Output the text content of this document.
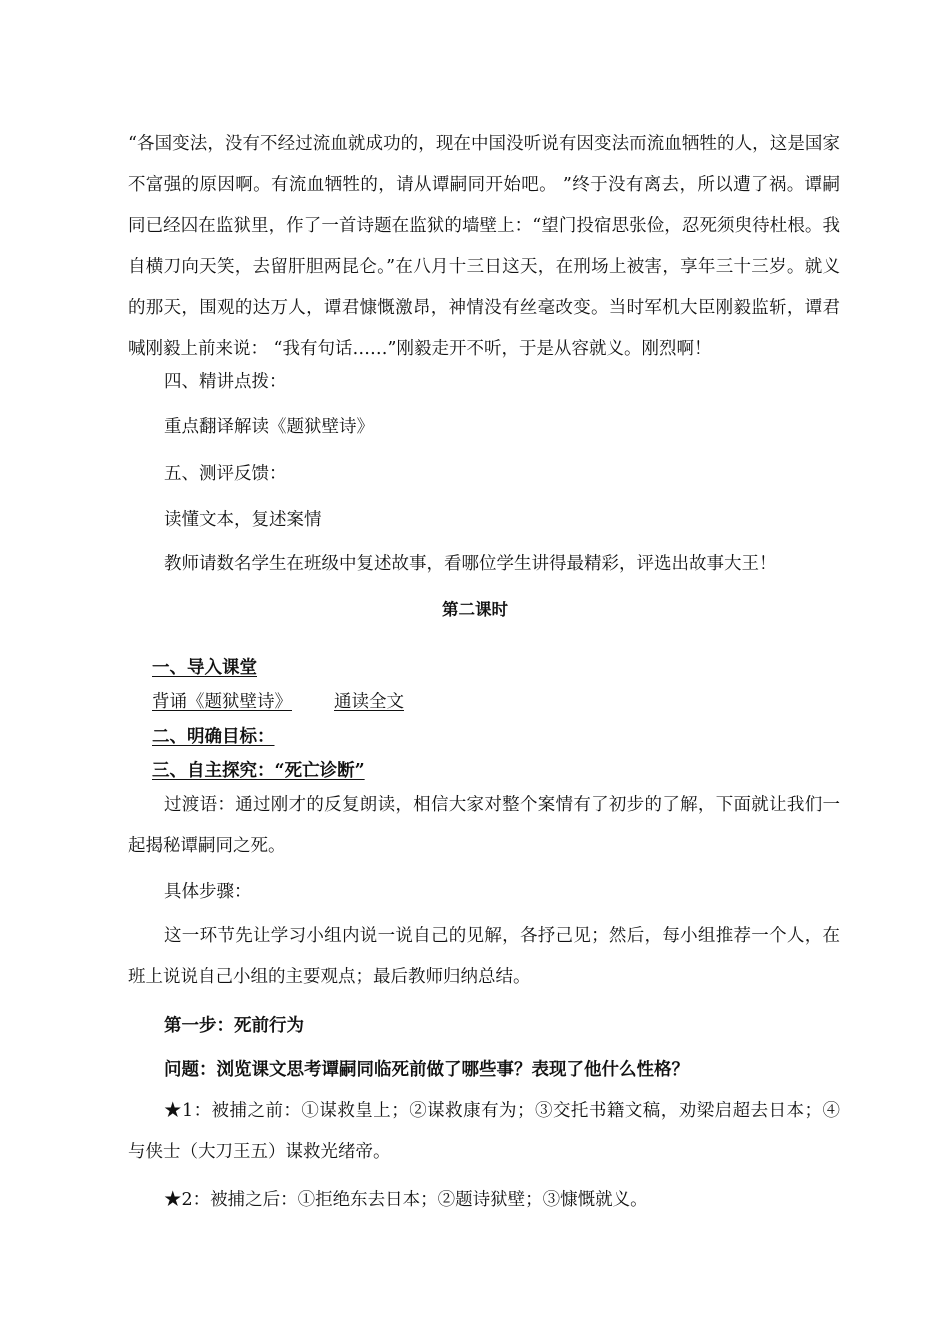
“各国变法，没有不经过流血就成功的，现在中国没听说有因变法而流血牺牲的人，这是国家不富强的原因啊。有流血牺牲的，请从谭嗣同开始吧。 ”终于没有离去，所以遭了祸。谭嗣同已经囚在监狱里，作了一首诗题在监狱的墙壁上：“望门投宿思张俭，忍死须臾待杜根。我自横刀向天笑，去留肝胆两昆仑。”在八月十三日这天，在刑场上被害，享年三十三岁。就义的那天，围观的达万人，谭君慷慨激昂，神情没有丝毫改变。当时军机大臣刚毅监斩，谭君喊刚毅上前来说： “我有句话……”刚毅走开不听，于是从容就义。刚烈啊！

四、精讲点拨：

重点翻译解读《题狱壁诗》

五、测评反馈：

读懂文本，复述案情

教师请数名学生在班级中复述故事，看哪位学生讲得最精彩，评选出故事大王！

第二课时

一、导入课堂

背诵《题狱壁诗》 通读全文

二、明确目标：

三、自主探究：“死亡诊断”

过渡语：通过刚才的反复朗读，相信大家对整个案情有了初步的了解，下面就让我们一起揭秘谭嗣同之死。

具体步骤：

这一环节先让学习小组内说一说自己的见解，各抒己见；然后，每小组推荐一个人，在班上说说自己小组的主要观点；最后教师归纳总结。

第一步：死前行为

问题：浏览课文思考谭嗣同临死前做了哪些事？表现了他什么性格？

★1：被捕之前：①谋救皇上；②谋救康有为；③交托书籍文稿，劝梁启超去日本；④与侠士（大刀王五）谋救光绪帝。

★2：被捕之后：①拒绝东去日本；②题诗狱壁；③慷慨就义。
